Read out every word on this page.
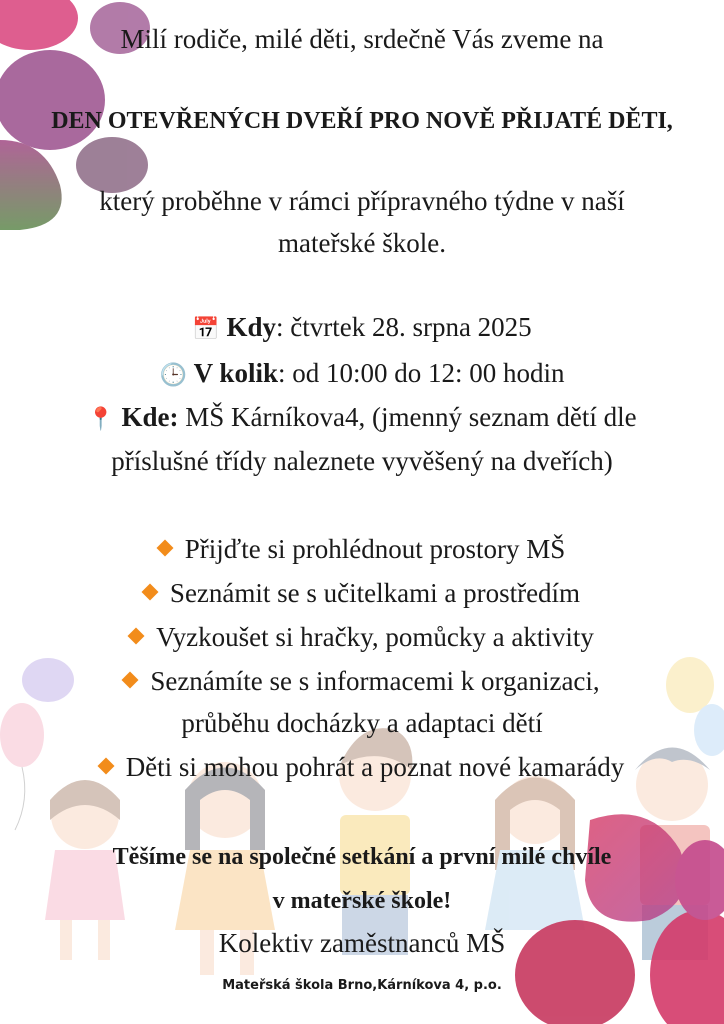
Milí rodiče, milé děti, srdečně Vás zveme na
DEN OTEVŘENÝCH DVEŘÍ PRO NOVĚ PŘIJATÉ DĚTI,
který proběhne v rámci přípravného týdne v naší
mateřské škole.
📅 Kdy: čtvrtek 28. srpna 2025
🕒 V kolik: od 10:00 do 12: 00 hodin
📍 Kde: MŠ Kárníkova4, (jmenný seznam dětí dle
příslušné třídy naleznete vyvěšený na dveřích)
Přijďte si prohlédnout prostory MŠ
Seznámit se s učitelkami a prostředím
Vyzkoušet si hračky, pomůcky a aktivity
Seznámíte se s informacemi k organizaci,
průběhu docházky a adaptaci dětí
Děti si mohou pohrát a poznat nové kamarády
Těšíme se na společné setkání a první milé chvíle
v mateřské škole!
Kolektiv zaměstnanců MŠ
Mateřská škola Brno,Kárníkova 4, p.o.
